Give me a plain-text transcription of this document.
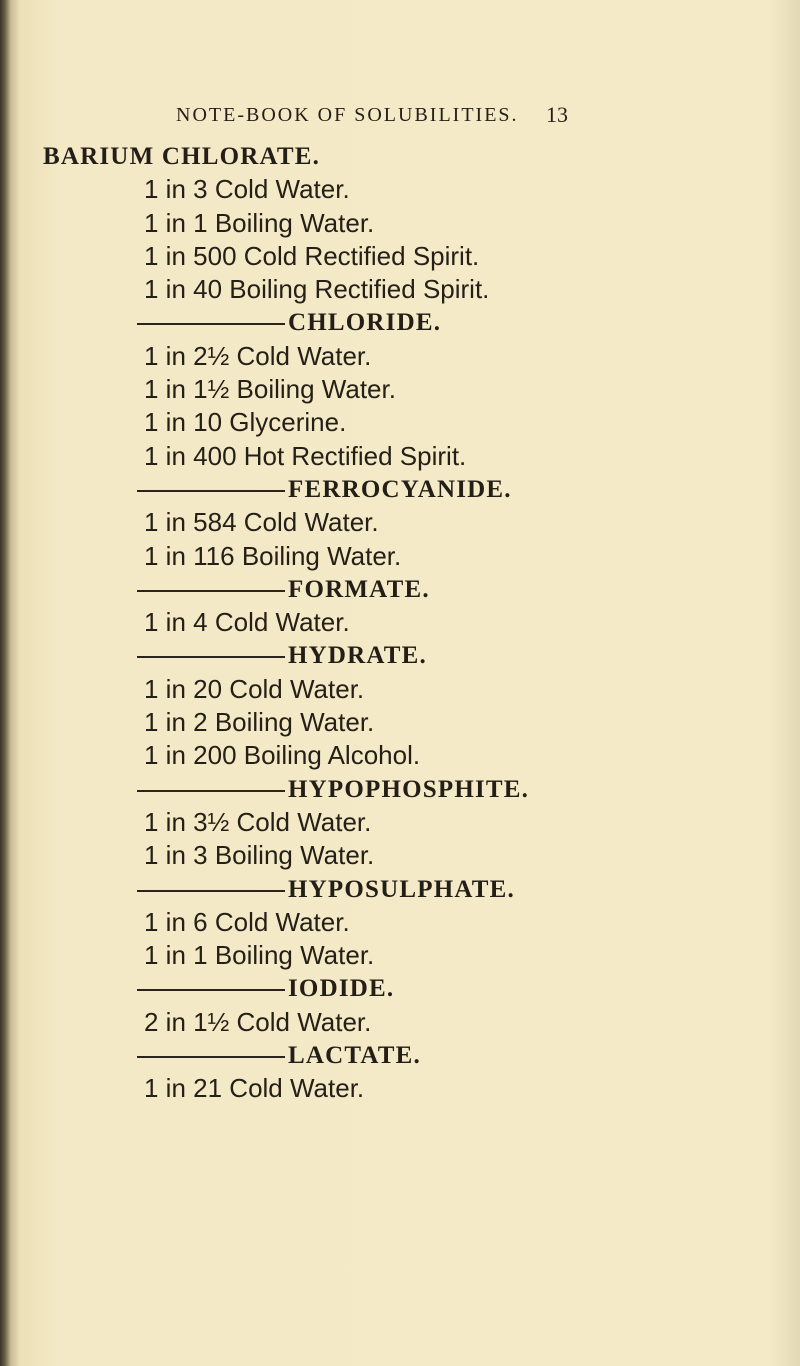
NOTE-BOOK OF SOLUBILITIES.	13
BARIUM CHLORATE.
1 in 3 Cold Water.
1 in 1 Boiling Water.
1 in 500 Cold Rectified Spirit.
1 in 40 Boiling Rectified Spirit.
CHLORIDE.
1 in 2½ Cold Water.
1 in 1½ Boiling Water.
1 in 10 Glycerine.
1 in 400 Hot Rectified Spirit.
FERROCYANIDE.
1 in 584 Cold Water.
1 in 116 Boiling Water.
FORMATE.
1 in 4 Cold Water.
HYDRATE.
1 in 20 Cold Water.
1 in 2 Boiling Water.
1 in 200 Boiling Alcohol.
HYPOPHOSPHITE.
1 in 3½ Cold Water.
1 in 3 Boiling Water.
HYPOSULPHATE.
1 in 6 Cold Water.
1 in 1 Boiling Water.
IODIDE.
2 in 1½ Cold Water.
LACTATE.
1 in 21 Cold Water.
